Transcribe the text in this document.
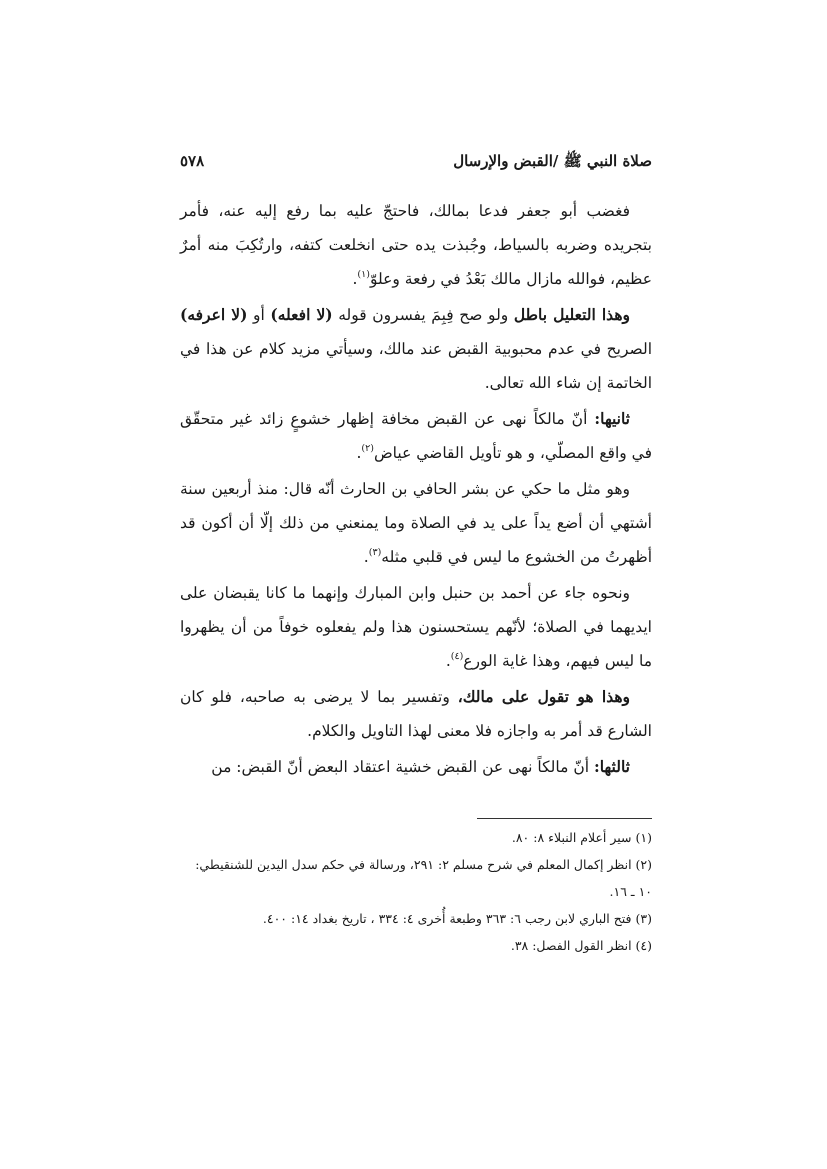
صلاة النبي ﷺ /القبض والإرسال
٥٧٨

فغضب أبو جعفر فدعا بمالك، فاحتجّ عليه بما رفع إليه عنه، فأمر بتجريده وضربه بالسياط، وجُبذت يده حتى انخلعت كتفه، وارتُكِبَ منه أمرٌ عظيم، فوالله مازال مالك بَعْدُ في رفعة وعلوّ$^{(١)}$.

وهذا التعليل باطل ولو صح فِبِمَ يفسرون قوله (لا افعله) أو (لا اعرفه) الصريح في عدم محبوبية القبض عند مالك، وسيأتي مزيد كلام عن هذا في الخاتمة إن شاء الله تعالى.

ثانيها: أنّ مالكاً نهى عن القبض مخافة إظهار خشوعٍ زائد غير متحقّق في واقع المصلّي، و هو تأويل القاضي عياض$^{(٢)}$.

وهو مثل ما حكي عن بشر الحافي بن الحارث أنّه قال: منذ أربعين سنة أشتهي أن أضع يداً على يد في الصلاة وما يمنعني من ذلك إلّا أن أكون قد أظهرتُ من الخشوع ما ليس في قلبي مثله$^{(٣)}$.

ونحوه جاء عن أحمد بن حنبل وابن المبارك وإنهما ما كانا يقبضان على ايديهما في الصلاة؛ لأنّهم يستحسنون هذا ولم يفعلوه خوفاً من أن يظهروا ما ليس فيهم، وهذا غاية الورع$^{(٤)}$.

وهذا هو تقول على مالك، وتفسير بما لا يرضى به صاحبه، فلو كان الشارع قد أمر به واجازه فلا معنى لهذا التاويل والكلام.

ثالثها: أنّ مالكاً نهى عن القبض خشية اعتقاد البعض أنّ القبض: من

(١) سير أعلام النبلاء ٨: ٨٠.

(٢) انظر إكمال المعلم في شرح مسلم ٢: ٢٩١، ورسالة في حكم سدل اليدين للشنقيطي: ١٠ ـ ١٦.

(٣) فتح الباري لابن رجب ٦: ٣٦٣ وطبعة أُخرى ٤: ٣٣٤ ، تاريخ بغداد ١٤: ٤٠٠.

(٤) انظر القول الفصل: ٣٨.
